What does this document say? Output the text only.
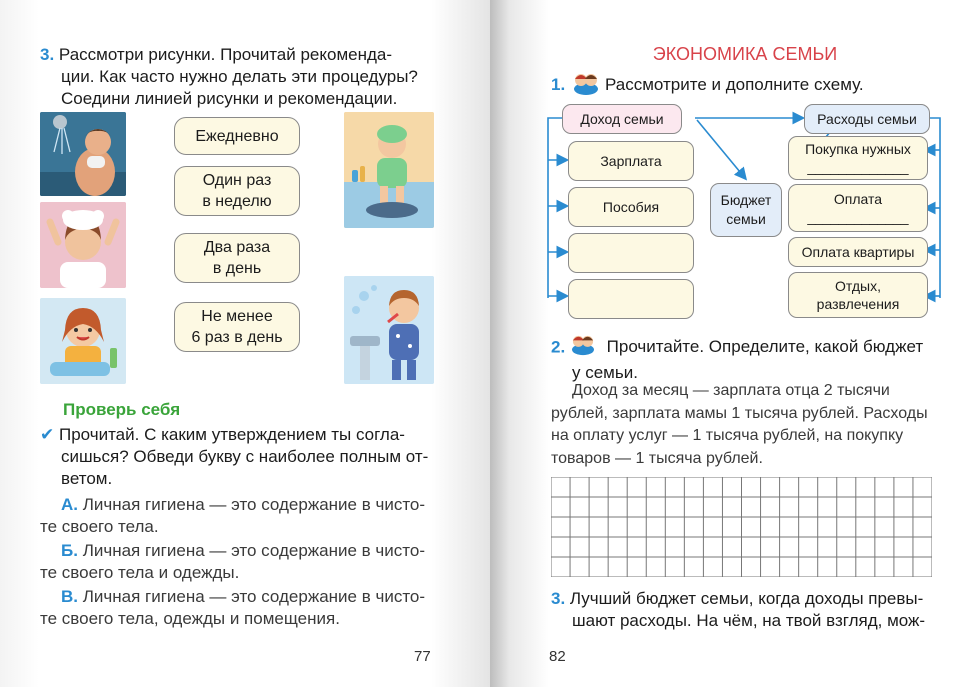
3. Рассмотри рисунки. Прочитай рекоменда-
ции. Как часто нужно делать эти процедуры?
Соедини линией рисунки и рекомендации.
Ежедневно
Один раз
в неделю
Два раза
в день
Не менее
6 раз в день
Проверь себя
✔ Прочитай. С каким утверждением ты согла-
сишься? Обведи букву с наиболее полным от-
ветом.
А. Личная гигиена — это содержание в чисто-
те своего тела.
Б. Личная гигиена — это содержание в чисто-
те своего тела и одежды.
В. Личная гигиена — это содержание в чисто-
те своего тела, одежды и помещения.
77
ЭКОНОМИКА СЕМЬИ
1. Рассмотрите и дополните схему.
Доход семьи	Расходы семьи
Зарплата
Пособия	Бюджет
семьи
Покупка нужных
_____________
Оплата
_____________
Оплата квартиры
Отдых,
развлечения
2. Прочитайте. Определите, какой бюджет
у семьи.
Доход за месяц — зарплата отца 2 тысячи
рублей, зарплата мамы 1 тысяча рублей. Расходы
на оплату услуг — 1 тысяча рублей, на покупку
товаров — 1 тысяча рублей.
3. Лучший бюджет семьи, когда доходы превы-
шают расходы. На чём, на твой взгляд, мож-
82
